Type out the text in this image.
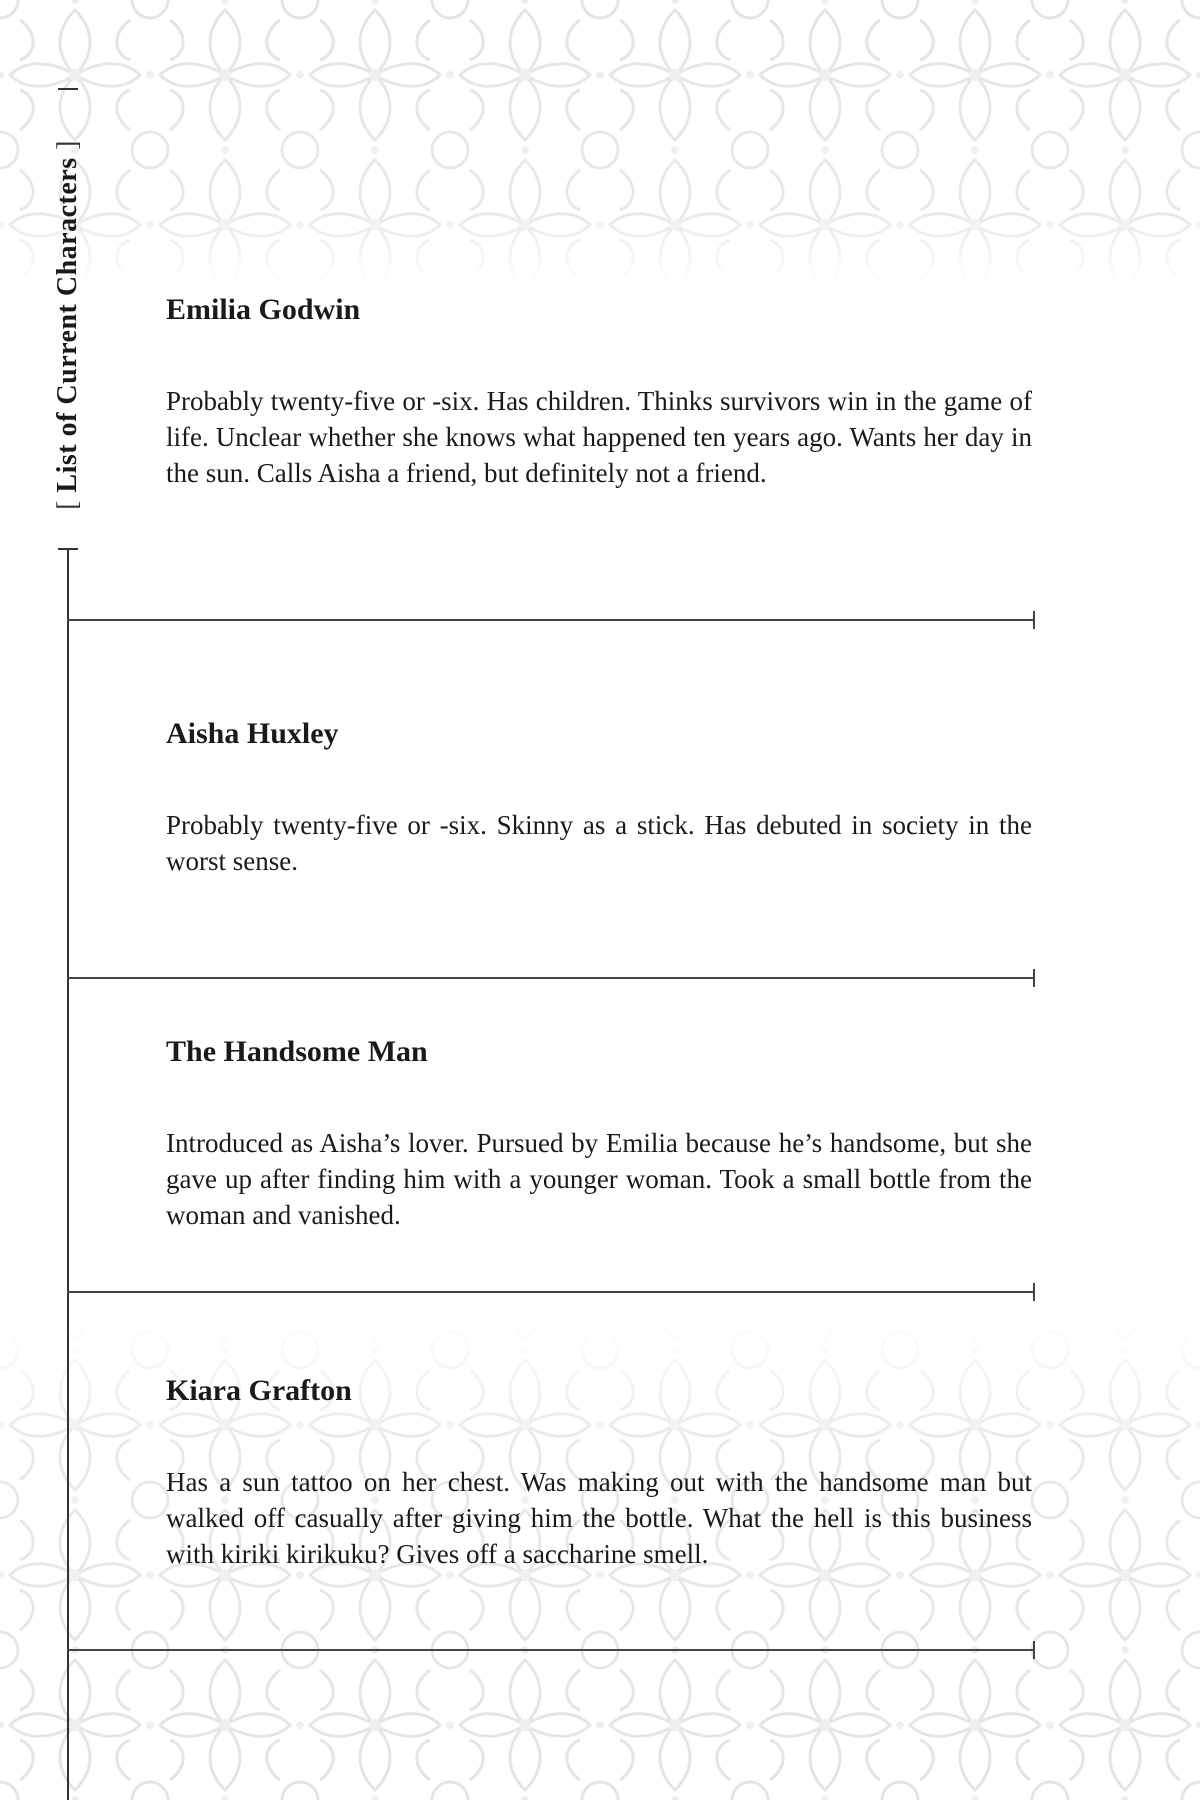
[ List of Current Characters ]
Emilia Godwin

Probably twenty-five or -six. Has children. Thinks survivors win in the game of life. Unclear whether she knows what happened ten years ago. Wants her day in the sun. Calls Aisha a friend, but definitely not a friend.

Aisha Huxley

Probably twenty-five or -six. Skinny as a stick. Has debuted in society in the worst sense.

The Handsome Man

Introduced as Aisha’s lover. Pursued by Emilia because he’s handsome, but she gave up after finding him with a younger woman. Took a small bottle from the woman and vanished.

Kiara Grafton

Has a sun tattoo on her chest. Was making out with the handsome man but walked off casually after giving him the bottle. What the hell is this business with kiriki kirikuku? Gives off a saccharine smell.
